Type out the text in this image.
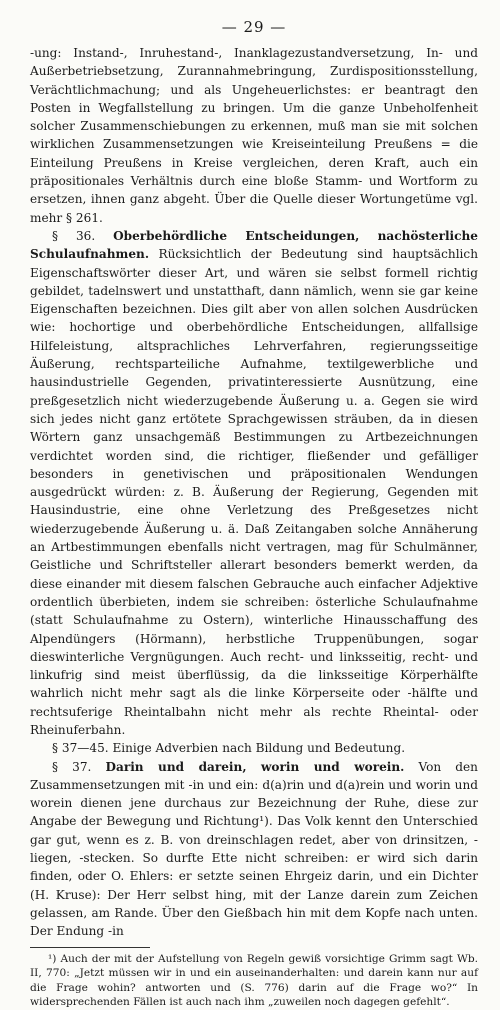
— 29 —

-ung: Instand-, Inruhestand-, Inanklagezustandversetzung, In- und Außerbetriebsetzung, Zurannahmebringung, Zurdispositionsstellung, Verächtlichmachung; und als Ungeheuerlichstes: er beantragt den Posten in Wegfallstellung zu bringen. Um die ganze Unbeholfenheit solcher Zusammenschiebungen zu erkennen, muß man sie mit solchen wirklichen Zusammensetzungen wie Kreiseinteilung Preußens = die Einteilung Preußens in Kreise vergleichen, deren Kraft, auch ein präpositionales Verhältnis durch eine bloße Stamm- und Wortform zu ersetzen, ihnen ganz abgeht. Über die Quelle dieser Wortungetüme vgl. mehr § 261.

§ 36. Oberbehördliche Entscheidungen, nachösterliche Schulaufnahmen. Rücksichtlich der Bedeutung sind hauptsächlich Eigenschaftswörter dieser Art, und wären sie selbst formell richtig gebildet, tadelnswert und unstatthaft, dann nämlich, wenn sie gar keine Eigenschaften bezeichnen. Dies gilt aber von allen solchen Ausdrücken wie: hochortige und oberbehördliche Entscheidungen, allfallsige Hilfeleistung, altsprachliches Lehrverfahren, regierungsseitige Äußerung, rechtsparteiliche Aufnahme, textilgewerbliche und hausindustrielle Gegenden, privatinteressierte Ausnützung, eine preßgesetzlich nicht wiederzugebende Äußerung u. a. Gegen sie wird sich jedes nicht ganz ertötete Sprachgewissen sträuben, da in diesen Wörtern ganz unsachgemäß Bestimmungen zu Artbezeichnungen verdichtet worden sind, die richtiger, fließender und gefälliger besonders in genetivischen und präpositionalen Wendungen ausgedrückt würden: z. B. Äußerung der Regierung, Gegenden mit Hausindustrie, eine ohne Verletzung des Preßgesetzes nicht wiederzugebende Äußerung u. ä. Daß Zeitangaben solche Annäherung an Artbestimmungen ebenfalls nicht vertragen, mag für Schulmänner, Geistliche und Schriftsteller allerart besonders bemerkt werden, da diese einander mit diesem falschen Gebrauche auch einfacher Adjektive ordentlich überbieten, indem sie schreiben: österliche Schulaufnahme (statt Schulaufnahme zu Ostern), winterliche Hinausschaffung des Alpendüngers (Hörmann), herbstliche Truppenübungen, sogar dieswinterliche Vergnügungen. Auch recht- und linksseitig, recht- und linkufrig sind meist überflüssig, da die linksseitige Körperhälfte wahrlich nicht mehr sagt als die linke Körperseite oder -hälfte und rechtsuferige Rheintalbahn nicht mehr als rechte Rheintal- oder Rheinuferbahn.

§ 37—45. Einige Adverbien nach Bildung und Bedeutung.

§ 37. Darin und darein, worin und worein. Von den Zusammensetzungen mit -in und ein: d(a)rin und d(a)rein und worin und worein dienen jene durchaus zur Bezeichnung der Ruhe, diese zur Angabe der Bewegung und Richtung¹). Das Volk kennt den Unterschied gar gut, wenn es z. B. von dreinschlagen redet, aber von drinsitzen, -liegen, -stecken. So durfte Ette nicht schreiben: er wird sich darin finden, oder O. Ehlers: er setzte seinen Ehrgeiz darin, und ein Dichter (H. Kruse): Der Herr selbst hing, mit der Lanze darein zum Zeichen gelassen, am Rande. Über den Gießbach hin mit dem Kopfe nach unten. Der Endung -in

¹) Auch der mit der Aufstellung von Regeln gewiß vorsichtige Grimm sagt Wb. II, 770: „Jetzt müssen wir in und ein auseinanderhalten: und darein kann nur auf die Frage wohin? antworten und (S. 776) darin auf die Frage wo?“ In widersprechenden Fällen ist auch nach ihm „zuweilen noch dagegen gefehlt“.
